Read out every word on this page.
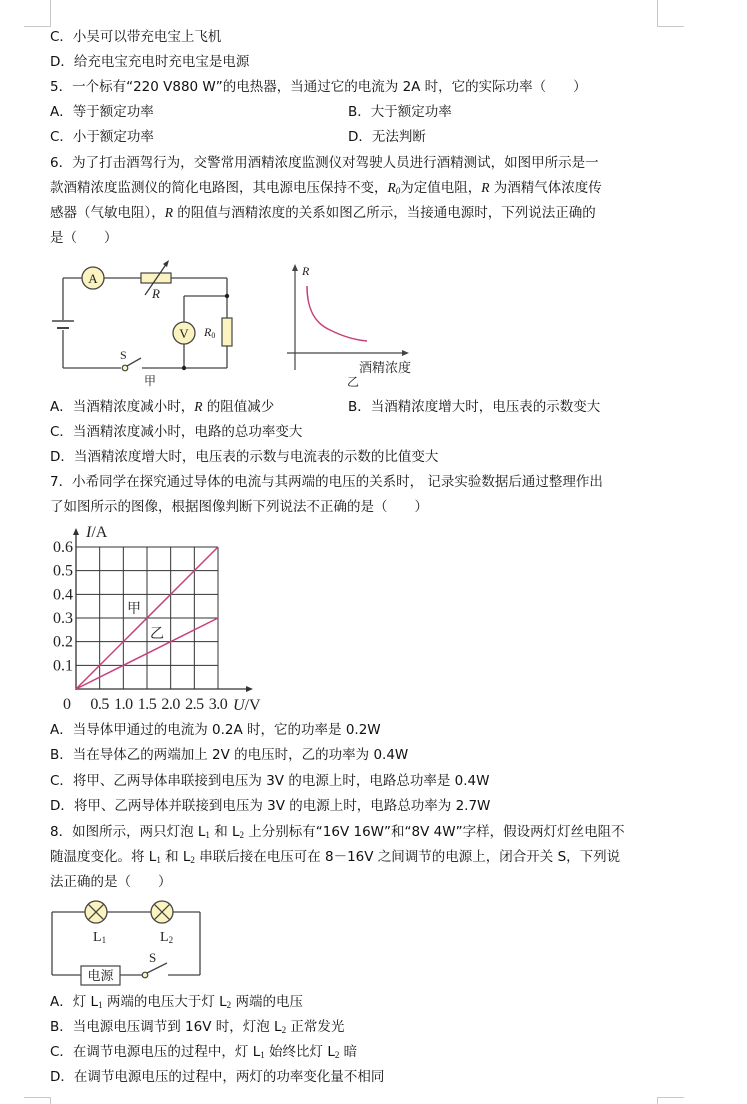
C．小吴可以带充电宝上飞机
D．给充电宝充电时充电宝是电源
5．一个标有“220 V880 W”的电热器，当通过它的电流为 2A 时，它的实际功率（　　）
A．等于额定功率	B．大于额定功率
C．小于额定功率	D．无法判断
6．为了打击酒驾行为，交警常用酒精浓度监测仪对驾驶人员进行酒精测试，如图甲所示是一
款酒精浓度监测仪的简化电路图，其电源电压保持不变，$R_0$为定值电阻，R 为酒精气体浓度传
感器（气敏电阻），R 的阻值与酒精浓度的关系如图乙所示，当接通电源时，下列说法正确的
是（　　）
A
R
V R0
S
甲
R
酒精浓度
乙
A．当酒精浓度减小时，R 的阻值减少	B．当酒精浓度增大时，电压表的示数变大
C．当酒精浓度减小时，电路的总功率变大
D．当酒精浓度增大时，电压表的示数与电流表的示数的比值变大
7．小希同学在探究通过导体的电流与其两端的电压的关系时， 记录实验数据后通过整理作出
了如图所示的图像，根据图像判断下列说法不正确的是（　　）
0.5 1.0 1.5 2.0 2.5 3.0
0.1
0.2
0.3
0.4
0.5
0.6
I/A
U/V
0
甲
乙
A．当导体甲通过的电流为 0.2A 时，它的功率是 0.2W
B．当在导体乙的两端加上 2V 的电压时，乙的功率为 0.4W
C．将甲、乙两导体串联接到电压为 3V 的电源上时，电路总功率是 0.4W
D．将甲、乙两导体并联接到电压为 3V 的电源上时，电路总功率为 2.7W
8．如图所示，两只灯泡 $L_1$ 和 $L_2$ 上分别标有“16V 16W”和“8V 4W”字样，假设两灯灯丝电阻不
随温度变化。将 $L_1$ 和 $L_2$ 串联后接在电压可在 8－16V 之间调节的电源上，闭合开关 S，下列说
法正确的是（　　）
L1	L2
电源
S
A．灯 $L_1$ 两端的电压大于灯 $L_2$ 两端的电压
B．当电源电压调节到 16V 时，灯泡 $L_2$ 正常发光
C．在调节电源电压的过程中，灯 $L_1$ 始终比灯 $L_2$ 暗
D．在调节电源电压的过程中，两灯的功率变化量不相同
